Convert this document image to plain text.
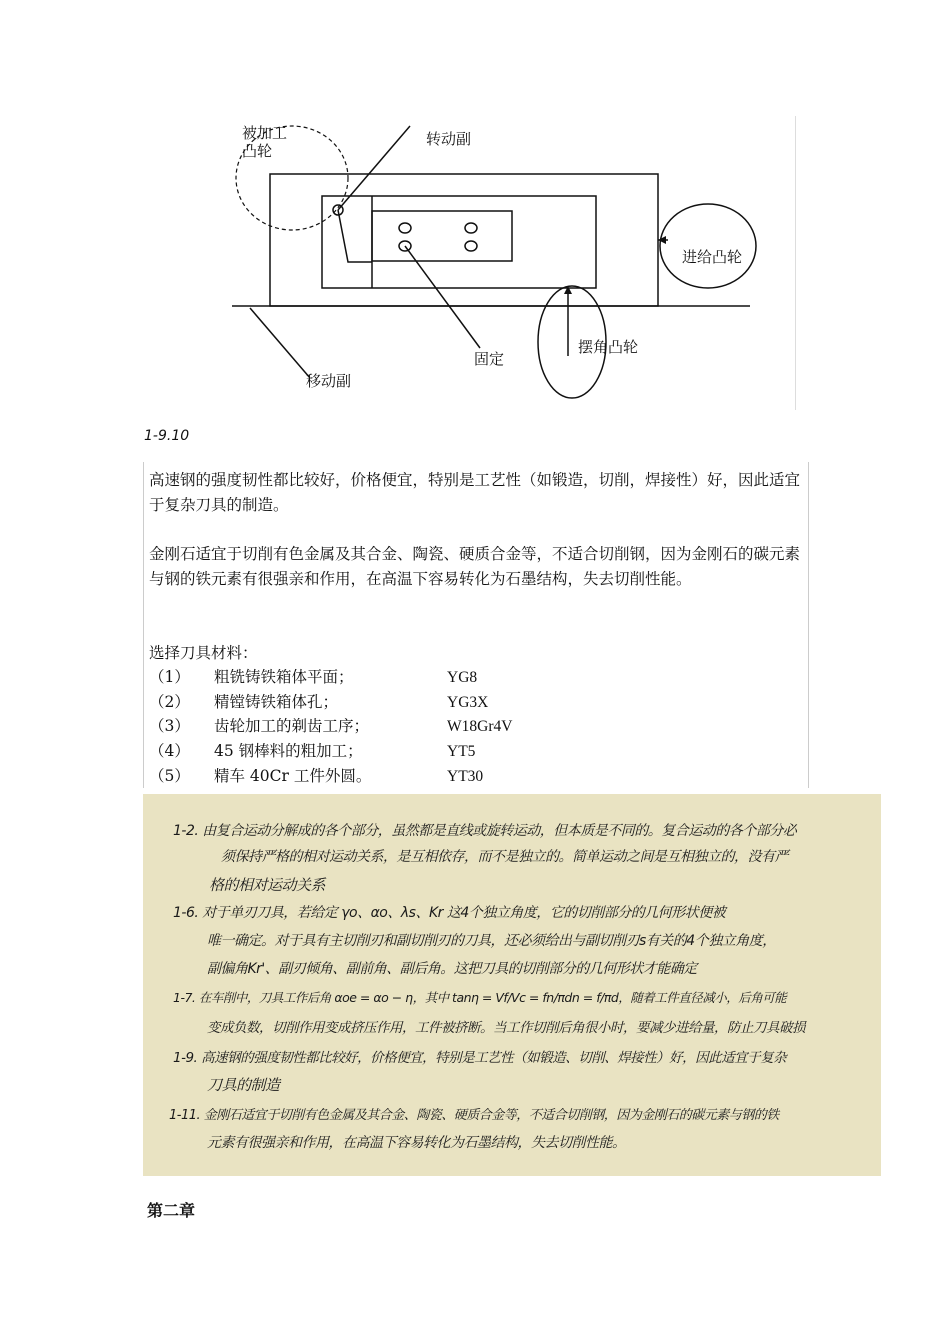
被加工
凸轮
转动副
进给凸轮
固定
摆角凸轮
移动副
1-9.10
高速钢的强度韧性都比较好，价格便宜，特别是工艺性（如锻造，切削，焊接性）好，因此适宜于复杂刀具的制造。
金刚石适宜于切削有色金属及其合金、陶瓷、硬质合金等，不适合切削钢，因为金刚石的碳元素与钢的铁元素有很强亲和作用，在高温下容易转化为石墨结构，失去切削性能。
选择刀具材料：
（1） 粗铣铸铁箱体平面；	YG8
（2） 精镗铸铁箱体孔；	YG3X
（3） 齿轮加工的剃齿工序；	W18Gr4V
（4） 45 钢棒料的粗加工；	YT5
（5） 精车 40Cr 工件外圆。	YT30
1-2. 由复合运动分解成的各个部分，虽然都是直线或旋转运动，但本质是不同的。复合运动的各个部分必
须保持严格的相对运动关系，是互相依存，而不是独立的。简单运动之间是互相独立的，没有严
格的相对运动关系
1-6. 对于单刃刀具，若给定 γo、αo、λs、Kr 这4个独立角度，它的切削部分的几何形状便被
唯一确定。对于具有主切削刃和副切削刃的刀具，还必须给出与副切削刃s有关的4个独立角度，
副偏角Kr'、副刃倾角、副前角、副后角。这把刀具的切削部分的几何形状才能确定
1-7. 在车削中，刀具工作后角 αoe = αo − η，其中 tanη = Vf/Vc = fn/πdn = f/πd，随着工件直径减小，后角可能
变成负数，切削作用变成挤压作用，工件被挤断。当工作切削后角很小时，要减少进给量，防止刀具破损
1-9. 高速钢的强度韧性都比较好，价格便宜，特别是工艺性（如锻造、切削、焊接性）好，因此适宜于复杂
刀具的制造
1-11. 金刚石适宜于切削有色金属及其合金、陶瓷、硬质合金等，不适合切削钢，因为金刚石的碳元素与钢的铁
元素有很强亲和作用，在高温下容易转化为石墨结构，失去切削性能。
第二章
